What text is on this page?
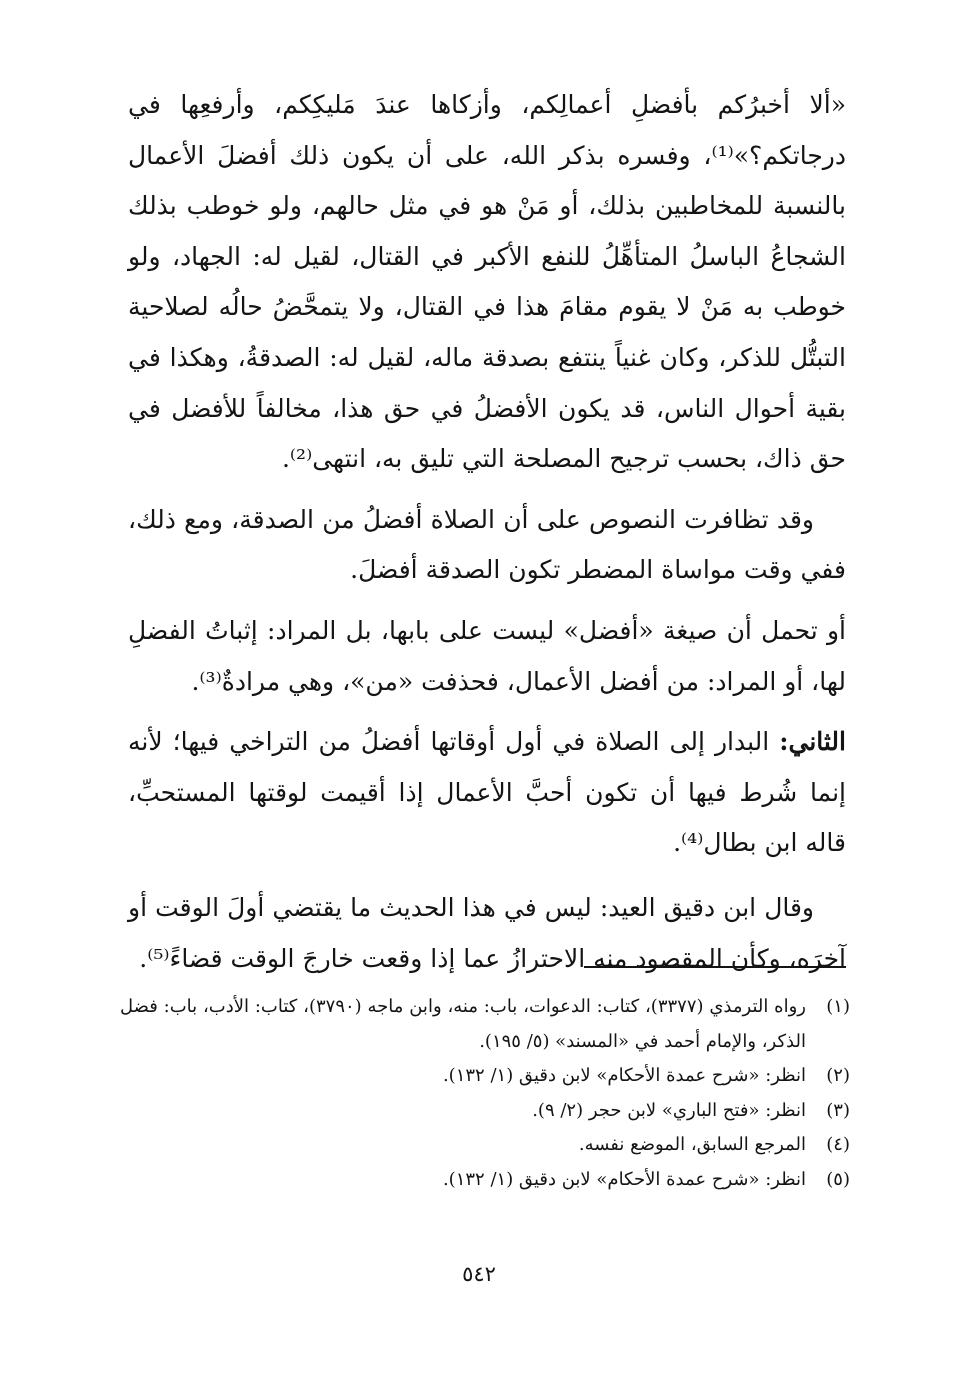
«ألا أخبرُكم بأفضلِ أعمالِكم، وأزكاها عندَ مَليكِكم، وأرفعِها في درجاتكم؟»⁽¹⁾، وفسره بذكر الله، على أن يكون ذلك أفضلَ الأعمال بالنسبة للمخاطبين بذلك، أو مَنْ هو في مثل حالهم، ولو خوطب بذلك الشجاعُ الباسلُ المتأهِّلُ للنفع الأكبر في القتال، لقيل له: الجهاد، ولو خوطب به مَنْ لا يقوم مقامَ هذا في القتال، ولا يتمحَّضُ حالُه لصلاحية التبتُّل للذكر، وكان غنياً ينتفع بصدقة ماله، لقيل له: الصدقةُ، وهكذا في بقية أحوال الناس، قد يكون الأفضلُ في حق هذا، مخالفاً للأفضل في حق ذاك، بحسب ترجيح المصلحة التي تليق به، انتهى⁽²⁾.

وقد تظافرت النصوص على أن الصلاة أفضلُ من الصدقة، ومع ذلك، ففي وقت مواساة المضطر تكون الصدقة أفضلَ.

أو تحمل أن صيغة «أفضل» ليست على بابها، بل المراد: إثباتُ الفضلِ لها، أو المراد: من أفضل الأعمال، فحذفت «من»، وهي مرادةٌ⁽³⁾.

الثاني: البدار إلى الصلاة في أول أوقاتها أفضلُ من التراخي فيها؛ لأنه إنما شُرط فيها أن تكون أحبَّ الأعمال إذا أقيمت لوقتها المستحبِّ، قاله ابن بطال⁽⁴⁾.

وقال ابن دقيق العيد: ليس في هذا الحديث ما يقتضي أولَ الوقت أو آخرَه، وكأن المقصود منه الاحترازُ عما إذا وقعت خارجَ الوقت قضاءً⁽⁵⁾.

(١)
رواه الترمذي (٣٣٧٧)، كتاب: الدعوات، باب: منه، وابن ماجه (٣٧٩٠)، كتاب: الأدب، باب: فضل الذكر، والإمام أحمد في «المسند» (٥/ ١٩٥).
(٢)
انظر: «شرح عمدة الأحكام» لابن دقيق (١/ ١٣٢).
(٣)
انظر: «فتح الباري» لابن حجر (٢/ ٩).
(٤)
المرجع السابق، الموضع نفسه.
(٥)
انظر: «شرح عمدة الأحكام» لابن دقيق (١/ ١٣٢).
٥٤٢
